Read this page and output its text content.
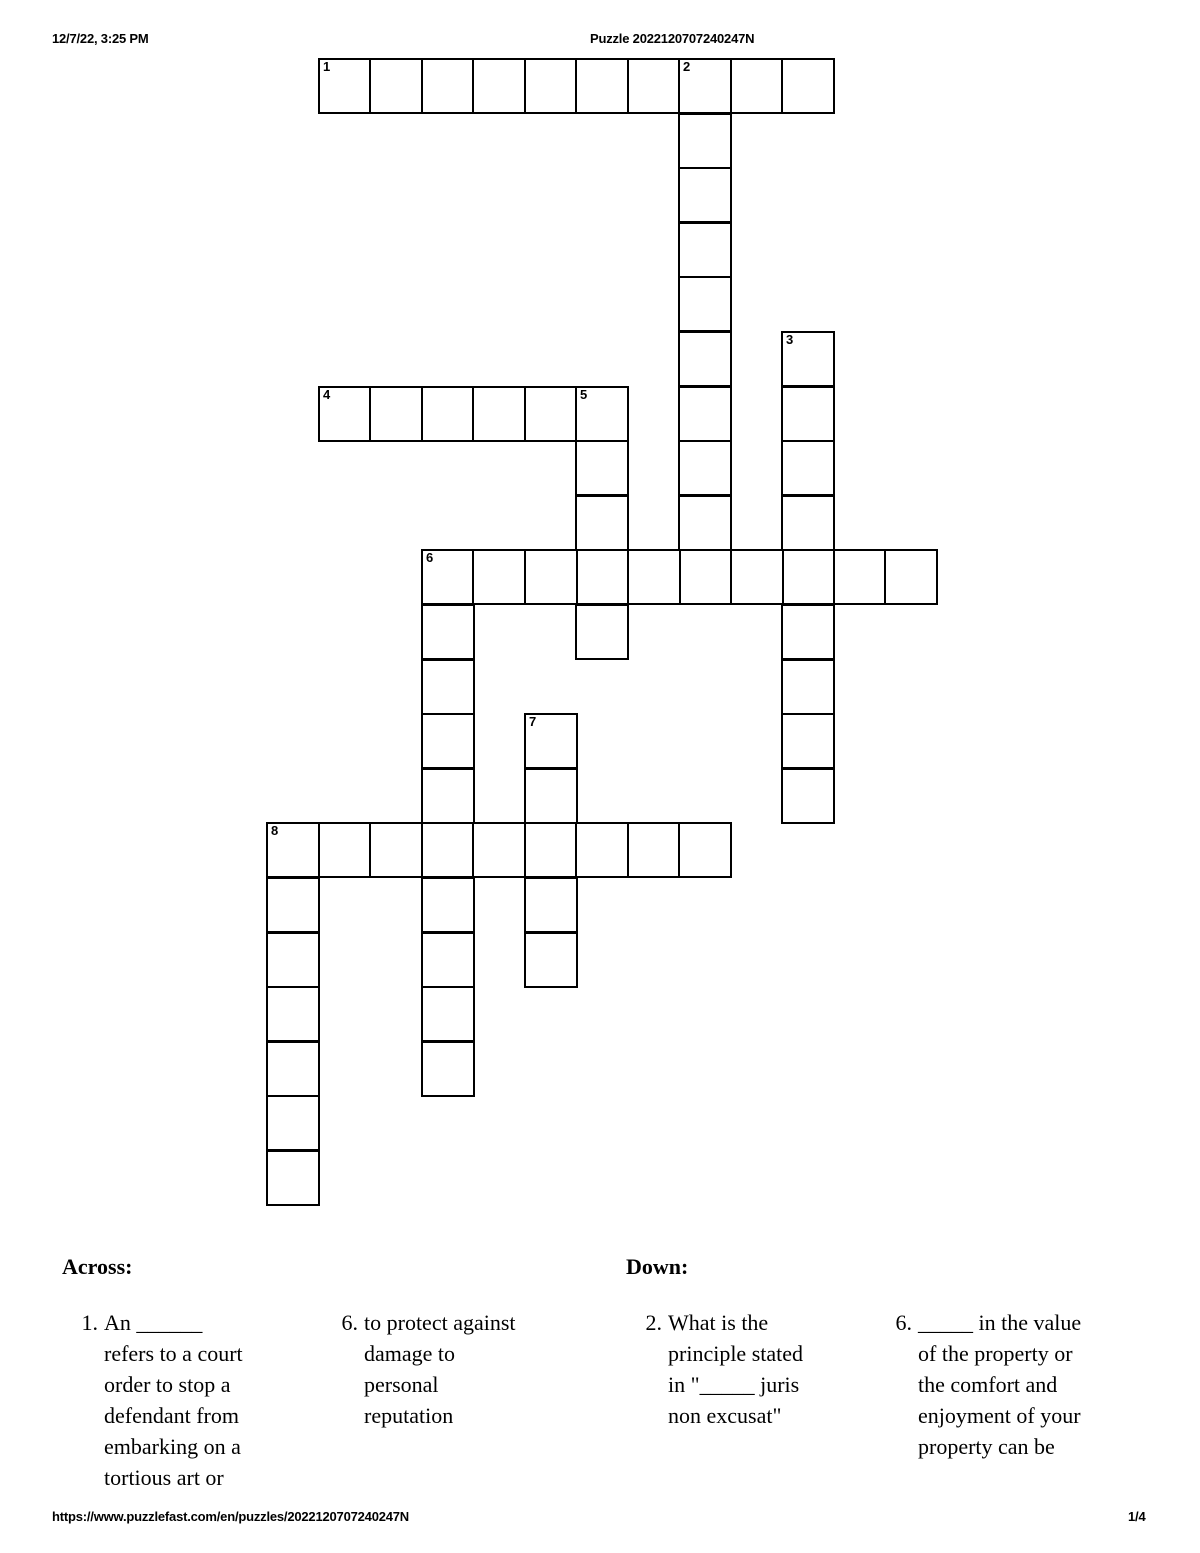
12/7/22, 3:25 PM	Puzzle 2022120707240247N
1	2
3
4	5
6
7
8
Across:	Down:
1. An ______
refers to a court
order to stop a
defendant from
embarking on a
tortious art or
6. to protect against
damage to
personal
reputation
2. What is the
principle stated
in "_____ juris
non excusat"
6. _____ in the value
of the property or
the comfort and
enjoyment of your
property can be
https://www.puzzlefast.com/en/puzzles/2022120707240247N	1/4
